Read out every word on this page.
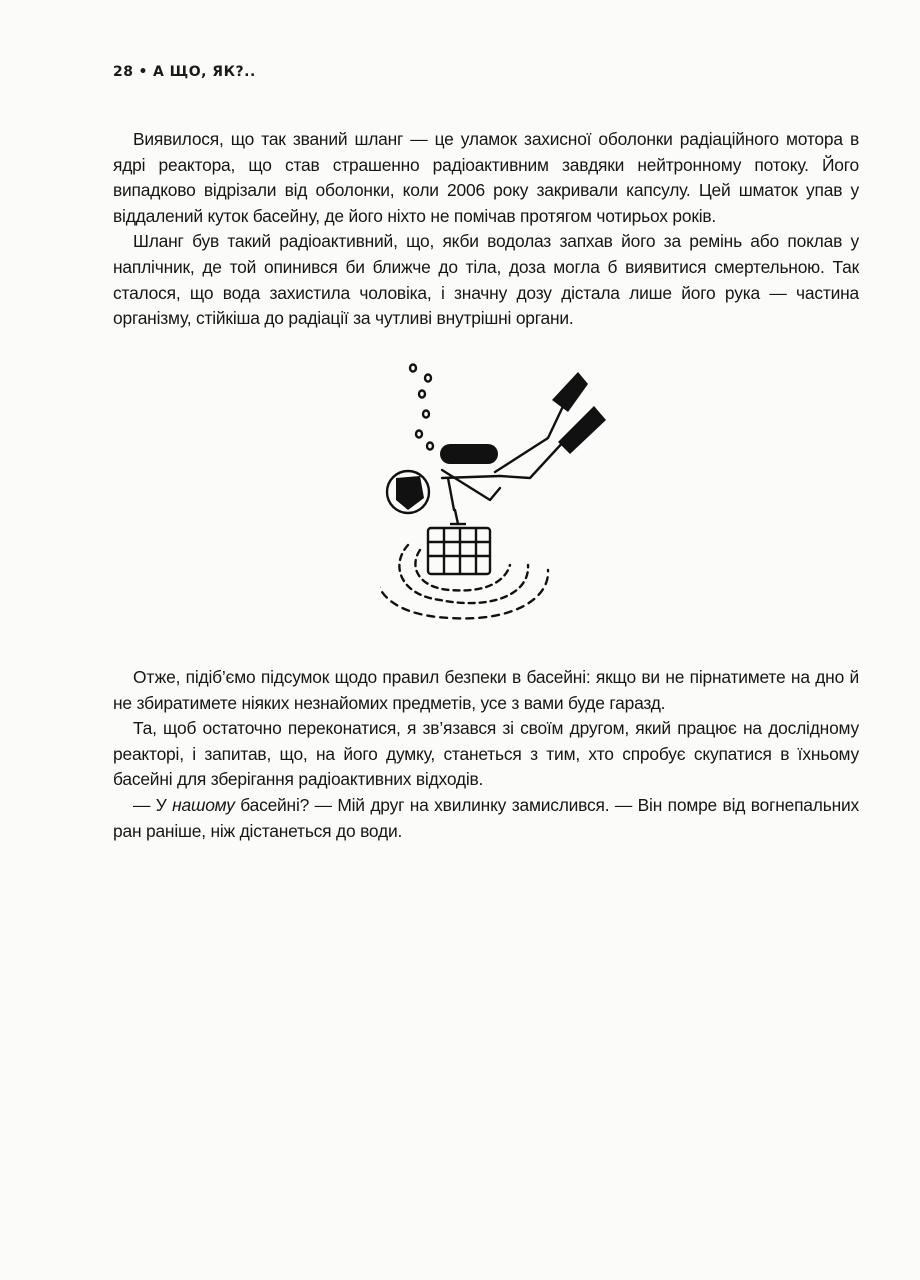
28 • А ЩО, ЯК?..

Виявилося, що так званий шланг — це уламок захисної оболонки радіаційного мотора в ядрі реактора, що став страшенно радіоактивним завдяки нейтронному потоку. Його випадково відрізали від оболонки, коли 2006 року закривали капсулу. Цей шматок упав у віддалений куток басейну, де його ніхто не помічав протягом чотирьох років.

Шланг був такий радіоактивний, що, якби водолаз запхав його за ремінь або поклав у наплічник, де той опинився би ближче до тіла, доза могла б виявитися смертельною. Так сталося, що вода захистила чоловіка, і значну дозу дістала лише його рука — частина організму, стійкіша до радіації за чутливі внутрішні органи.

Отже, підіб’ємо підсумок щодо правил безпеки в басейні: якщо ви не пірнатимете на дно й не збиратимете ніяких незнайомих предметів, усе з вами буде гаразд.

Та, щоб остаточно переконатися, я зв’язався зі своїм другом, який працює на дослідному реакторі, і запитав, що, на його думку, станеться з тим, хто спробує скупатися в їхньому басейні для зберігання радіоактивних відходів.

— У нашому басейні? — Мій друг на хвилинку замислився. — Він помре від вогнепальних ран раніше, ніж дістанеться до води.
